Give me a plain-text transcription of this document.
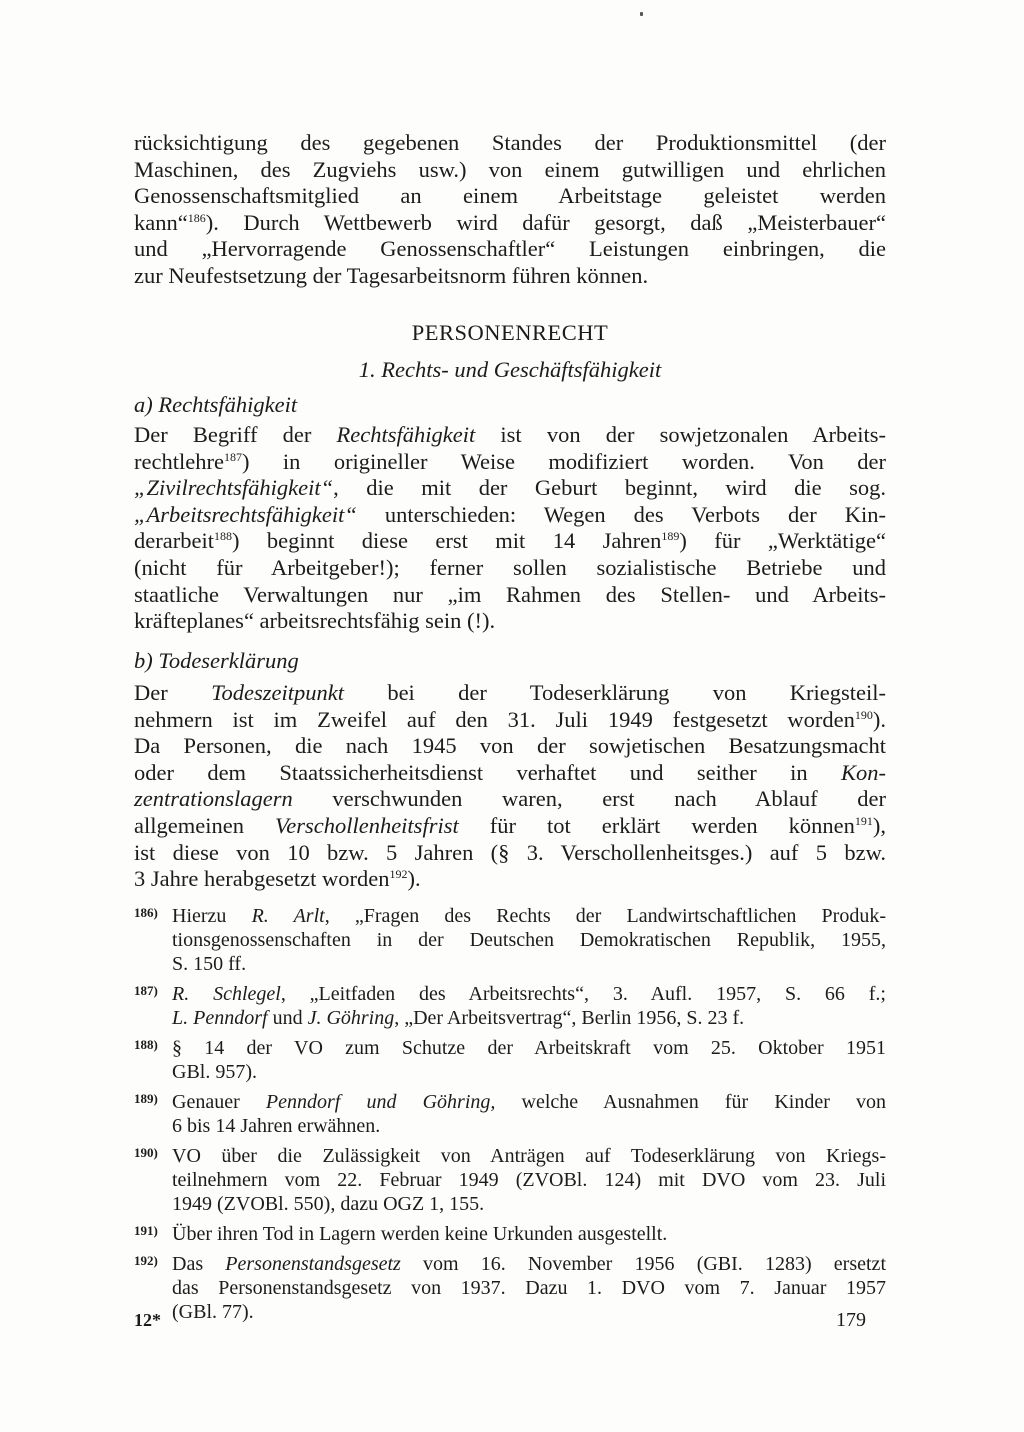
rücksichtigung des gegebenen Standes der Produktionsmittel (der
Maschinen, des Zugviehs usw.) von einem gutwilligen und ehrlichen
Genossenschaftsmitglied an einem Arbeitstage geleistet werden
kann“$^{186}$). Durch Wettbewerb wird dafür gesorgt, daß „Meisterbauer“
und „Hervorragende Genossenschaftler“ Leistungen einbringen, die
zur Neufestsetzung der Tagesarbeitsnorm führen können.
PERSONENRECHT
1. Rechts- und Geschäftsfähigkeit
a) Rechtsfähigkeit
Der Begriff der Rechtsfähigkeit ist von der sowjetzonalen Arbeits-
rechtlehre$^{187}$) in origineller Weise modifiziert worden. Von der
„Zivilrechtsfähigkeit“, die mit der Geburt beginnt, wird die sog.
„Arbeitsrechtsfähigkeit“ unterschieden: Wegen des Verbots der Kin-
derarbeit$^{188}$) beginnt diese erst mit 14 Jahren$^{189}$) für „Werktätige“
(nicht für Arbeitgeber!); ferner sollen sozialistische Betriebe und
staatliche Verwaltungen nur „im Rahmen des Stellen- und Arbeits-
kräfteplanes“ arbeitsrechtsfähig sein (!).
b) Todeserklärung
Der Todeszeitpunkt bei der Todeserklärung von Kriegsteil-
nehmern ist im Zweifel auf den 31. Juli 1949 festgesetzt worden$^{190}$).
Da Personen, die nach 1945 von der sowjetischen Besatzungsmacht
oder dem Staatssicherheitsdienst verhaftet und seither in Kon-
zentrationslagern verschwunden waren, erst nach Ablauf der
allgemeinen Verschollenheitsfrist für tot erklärt werden können$^{191}$),
ist diese von 10 bzw. 5 Jahren (§ 3. Verschollenheitsges.) auf 5 bzw.
3 Jahre herabgesetzt worden$^{192}$).
186) Hierzu R. Arlt, „Fragen des Rechts der Landwirtschaftlichen Produk-
tionsgenossenschaften in der Deutschen Demokratischen Republik, 1955,
S. 150 ff.
187) R. Schlegel, „Leitfaden des Arbeitsrechts“, 3. Aufl. 1957, S. 66 f.;
L. Penndorf und J. Göhring, „Der Arbeitsvertrag“, Berlin 1956, S. 23 f.
188) § 14 der VO zum Schutze der Arbeitskraft vom 25. Oktober 1951
GBl. 957).
189) Genauer Penndorf und Göhring, welche Ausnahmen für Kinder von
6 bis 14 Jahren erwähnen.
190) VO über die Zulässigkeit von Anträgen auf Todeserklärung von Kriegs-
teilnehmern vom 22. Februar 1949 (ZVOBl. 124) mit DVO vom 23. Juli
1949 (ZVOBl. 550), dazu OGZ 1, 155.
191) Über ihren Tod in Lagern werden keine Urkunden ausgestellt.
192) Das Personenstandsgesetz vom 16. November 1956 (GBI. 1283) ersetzt
das Personenstandsgesetz von 1937. Dazu 1. DVO vom 7. Januar 1957
(GBl. 77).
12*	179
